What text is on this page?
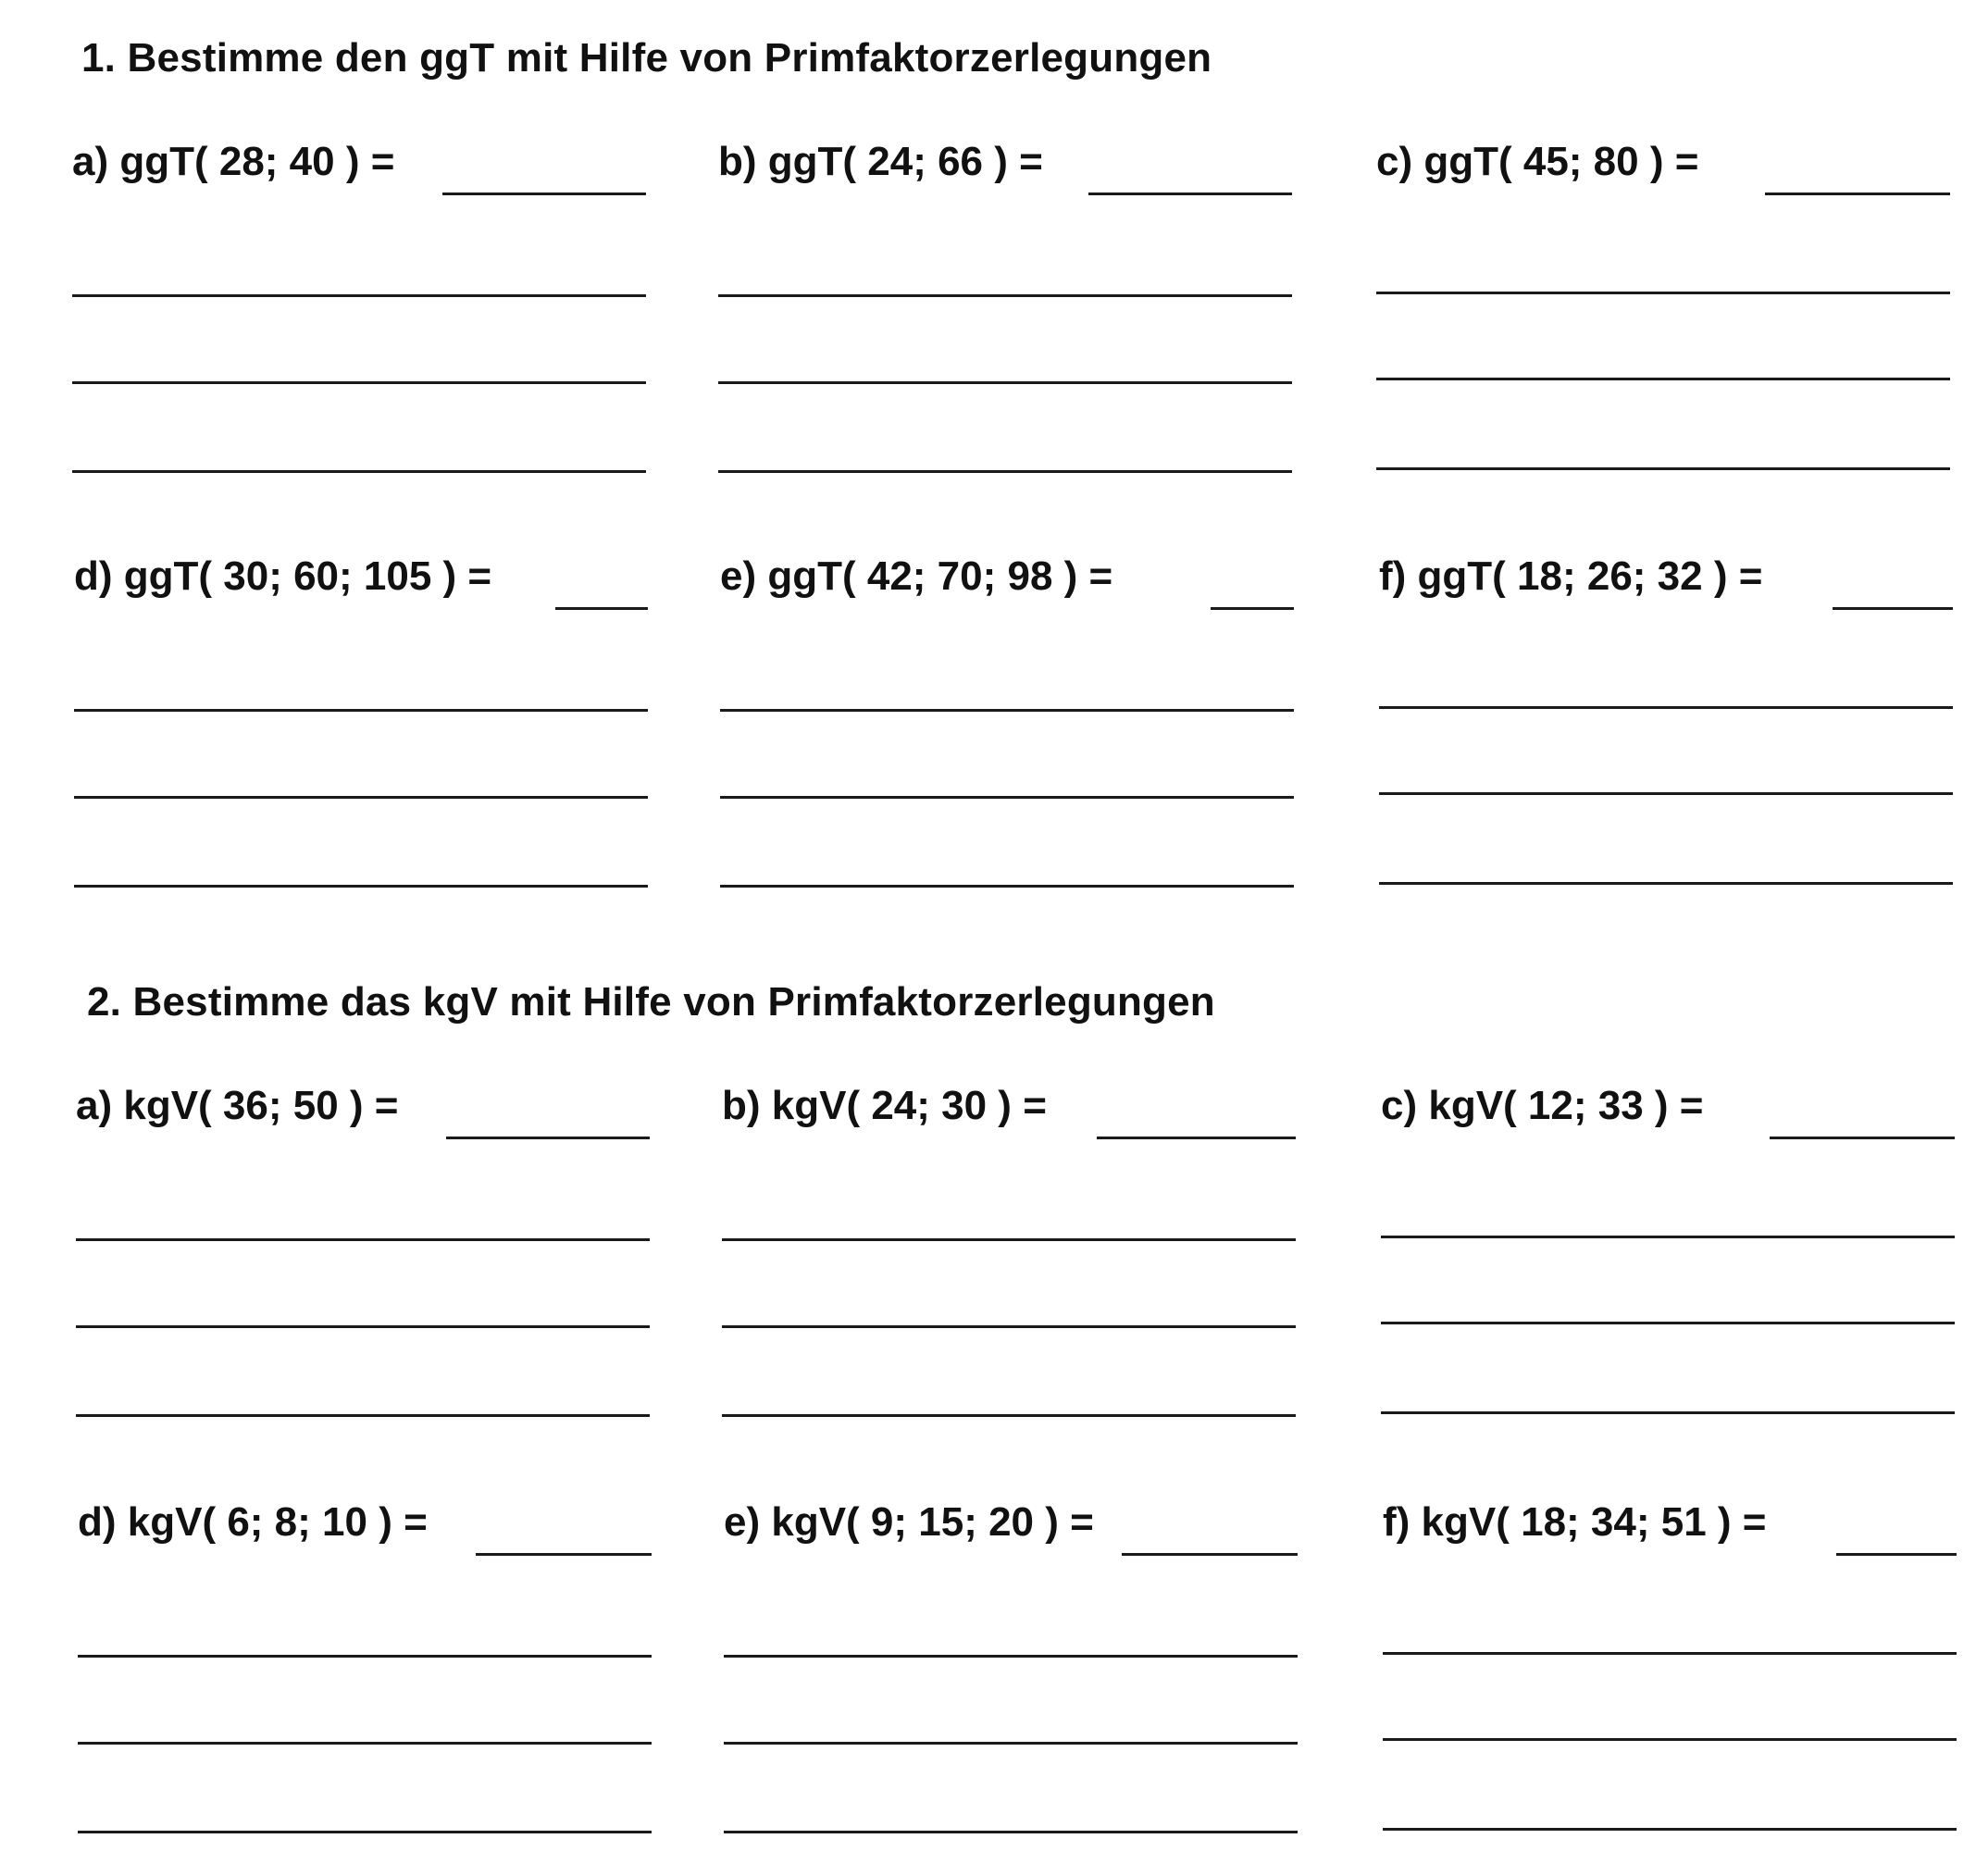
1. Bestimme den ggT mit Hilfe von Primfaktorzerlegungen
a) ggT( 28; 40 ) =	b) ggT( 24; 66 ) =	c) ggT( 45; 80 ) =
d) ggT( 30; 60; 105 ) =	e) ggT( 42; 70; 98 ) =	f) ggT( 18; 26; 32 ) =
2. Bestimme das kgV mit Hilfe von Primfaktorzerlegungen
a) kgV( 36; 50 ) =	b) kgV( 24; 30 ) =	c) kgV( 12; 33 ) =
d) kgV( 6; 8; 10 ) =	e) kgV( 9; 15; 20 ) =	f) kgV( 18; 34; 51 ) =
